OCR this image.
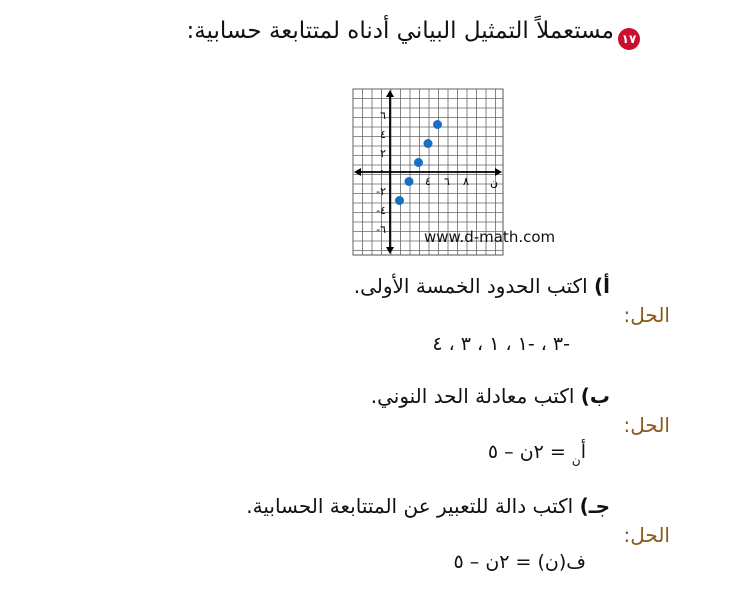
١٧
مستعملاً التمثيل البياني أدناه لمتتابعة حسابية:
٦
٤
٢
-٢
-٤
-٦
٤ ٦ ٨
٠
ن
www.d-math.com
أ) اكتب الحدود الخمسة الأولى.
الحل:
-٣ ، -١ ، ١ ، ٣ ، ٤
ب) اكتب معادلة الحد النوني.
الحل:
أ$_ن$ = ٢ن – ٥
جـ) اكتب دالة للتعبير عن المتتابعة الحسابية.
الحل:
ف(ن) = ٢ن – ٥
